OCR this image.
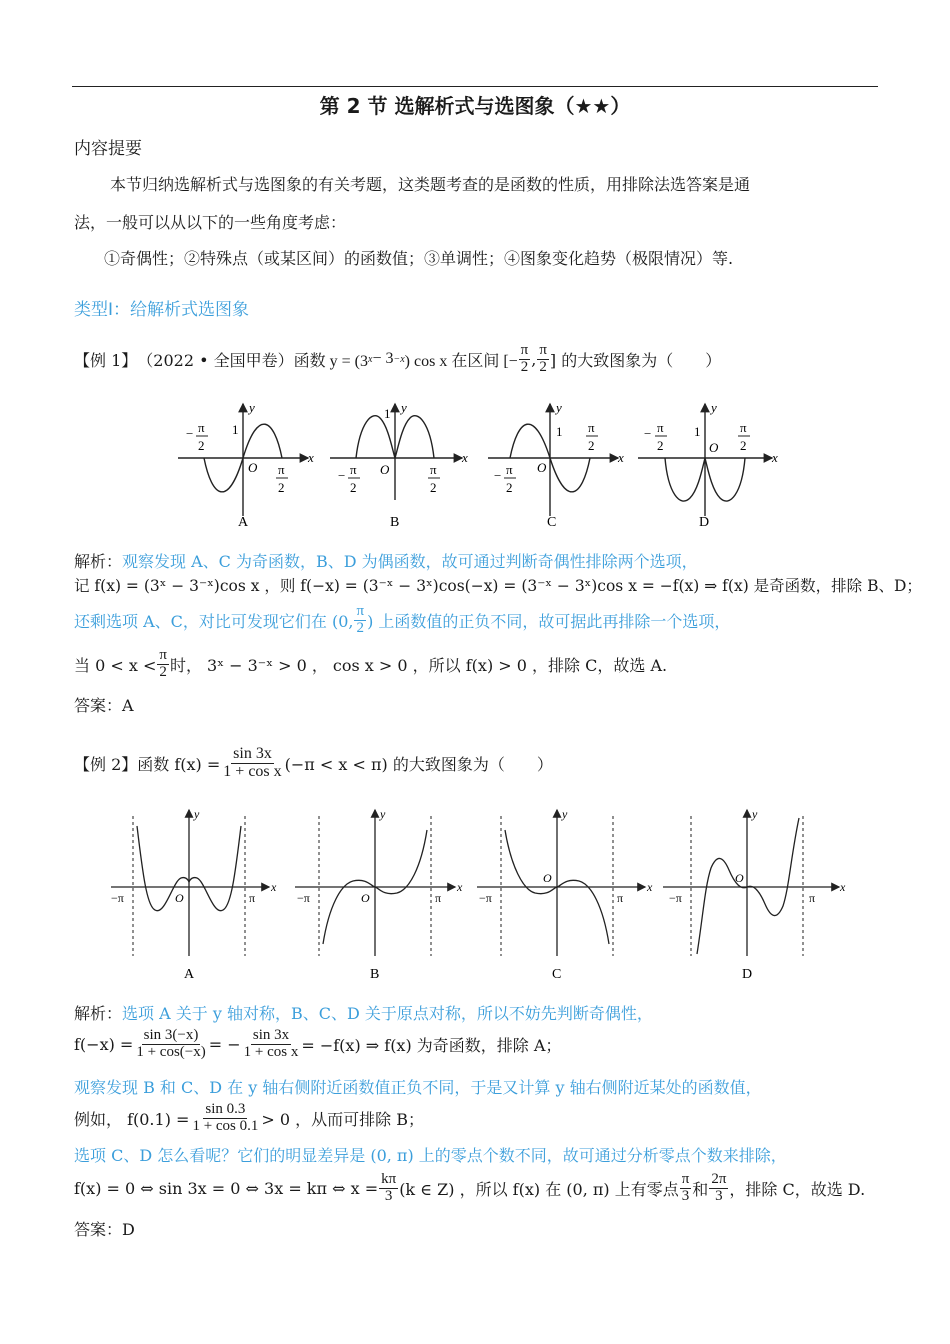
第 2 节 选解析式与选图象（★★）
内容提要
本节归纳选解析式与选图象的有关考题，这类题考查的是函数的性质，用排除法选答案是通
法，一般可以从以下的一些角度考虑：
①奇偶性；②特殊点（或某区间）的函数值；③单调性；④图象变化趋势（极限情况）等.
类型Ⅰ：给解析式选图象
【例 1】 （2022 • 全国甲卷） 函数 y = (3 x − 3 −x ) cos x 在区间 [− $\frac{\pi}{2}$ , $\frac{\pi}{2}$ ] 的大致图象为（　　）
y
x
1
O
− π
2
π
2
y
x
1
O
− π
2
π
2
y
x
1
O
− π
2
π
2
y
x
1
O
− π
2
π
2
A	B	C	D
解析：观察发现 A、C 为奇函数，B、D 为偶函数，故可通过判断奇偶性排除两个选项，
记 f(x) = (3ˣ − 3⁻ˣ)cos x ，则 f(−x) = (3⁻ˣ − 3ˣ)cos(−x) = (3⁻ˣ − 3ˣ)cos x = −f(x) ⇒ f(x) 是奇函数，排除 B、D；
还剩选项 A、C，对比可发现它们在 (0, $\frac{\pi}{2}$ ) 上函数值的正负不同，故可据此再排除一个选项，
当 $0 < x < \frac{\pi}{2}$ 时， 3ˣ − 3⁻ˣ > 0 ， cos x > 0 ，所以 f(x) > 0 ，排除 C，故选 A.
答案：A
【例 2】 函数 $f(x) = \frac{\sin 3x}{\text{1 + cos x}} (-\pi < x < \pi)$ 的大致图象为（　　）
y
x
O
−π	π
y
x
O
−π	π
y
x
O
−π	π
y
x
O
−π	π
A	B	C	D
解析：选项 A 关于 y 轴对称，B、C、D 关于原点对称，所以不妨先判断奇偶性，
$f(-x) = \frac{\sin 3(-x)}{1 + \cos(-x)}$ = − $\frac{\sin 3x}{\text{1 + cos x}} = -f(x)$ ⇒ f(x) 为奇函数，排除 A；
观察发现 B 和 C、D 在 y 轴右侧附近函数值正负不同，于是又计算 y 轴右侧附近某处的函数值，
例如， $f(0.1) = \frac{\sin 0.3}{1 + \cos 0.1} > 0$ ，从而可排除 B；
选项 C、D 怎么看呢？它们的明显差异是 (0, π) 上的零点个数不同，故可通过分析零点个数来排除，
f(x) = 0 ⇔ sin 3x = 0 ⇔ 3x = kπ ⇔ $x = \frac{k\pi}{3} (k$ ∈ Z) ，所以 f(x) 在 (0, π) 上有零点 $\frac{\pi}{3}$ 和 $\frac{2\pi}{3}$ ，排除 C，故选 D.
答案：D
